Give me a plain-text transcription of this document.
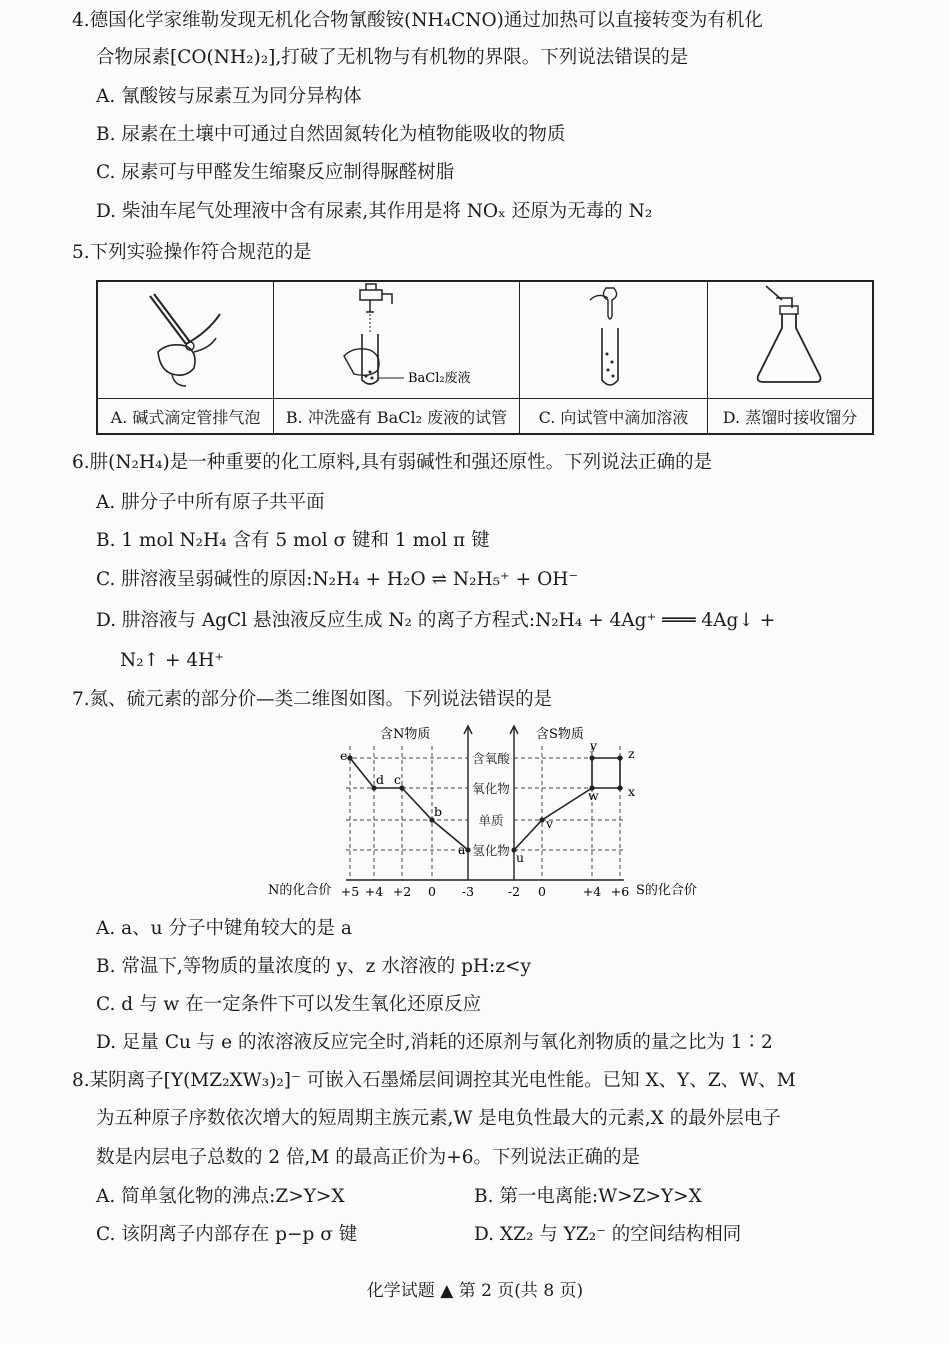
4.德国化学家维勒发现无机化合物氰酸铵(NH₄CNO)通过加热可以直接转变为有机化
合物尿素[CO(NH₂)₂],打破了无机物与有机物的界限。下列说法错误的是
A. 氰酸铵与尿素互为同分异构体
B. 尿素在土壤中可通过自然固氮转化为植物能吸收的物质
C. 尿素可与甲醛发生缩聚反应制得脲醛树脂
D. 柴油车尾气处理液中含有尿素,其作用是将 NOₓ 还原为无毒的 N₂
5.下列实验操作符合规范的是
BaCl₂废液
A. 碱式滴定管排气泡	B. 冲洗盛有 BaCl₂ 废液的试管	C. 向试管中滴加溶液	D. 蒸馏时接收馏分
6.肼(N₂H₄)是一种重要的化工原料,具有弱碱性和强还原性。下列说法正确的是
A. 肼分子中所有原子共平面
B. 1 mol N₂H₄ 含有 5 mol σ 键和 1 mol π 键
C. 肼溶液呈弱碱性的原因:N₂H₄ + H₂O ⇌ N₂H₅⁺ + OH⁻
D. 肼溶液与 AgCl 悬浊液反应生成 N₂ 的离子方程式:N₂H₄ + 4Ag⁺ ═══ 4Ag↓ +
N₂↑ + 4H⁺
7.氮、硫元素的部分价—类二维图如图。下列说法错误的是
氢化物
单质
氧化物
含氧酸
+5 +4 +2 0 -3	-2 0	+4 +6
e
d c
b
a
u
v
w x
y
z
含N物质	含S物质
N的化合价	S的化合价
A. a、u 分子中键角较大的是 a
B. 常温下,等物质的量浓度的 y、z 水溶液的 pH:z<y
C. d 与 w 在一定条件下可以发生氧化还原反应
D. 足量 Cu 与 e 的浓溶液反应完全时,消耗的还原剂与氧化剂物质的量之比为 1∶2
8.某阴离子[Y(MZ₂XW₃)₂]⁻ 可嵌入石墨烯层间调控其光电性能。已知 X、Y、Z、W、M
为五种原子序数依次增大的短周期主族元素,W 是电负性最大的元素,X 的最外层电子
数是内层电子总数的 2 倍,M 的最高正价为+6。下列说法正确的是
A. 简单氢化物的沸点:Z>Y>X	B. 第一电离能:W>Z>Y>X
C. 该阴离子内部存在 p−p σ 键	D. XZ₂ 与 YZ₂⁻ 的空间结构相同
化学试题 ▲ 第 2 页(共 8 页)
